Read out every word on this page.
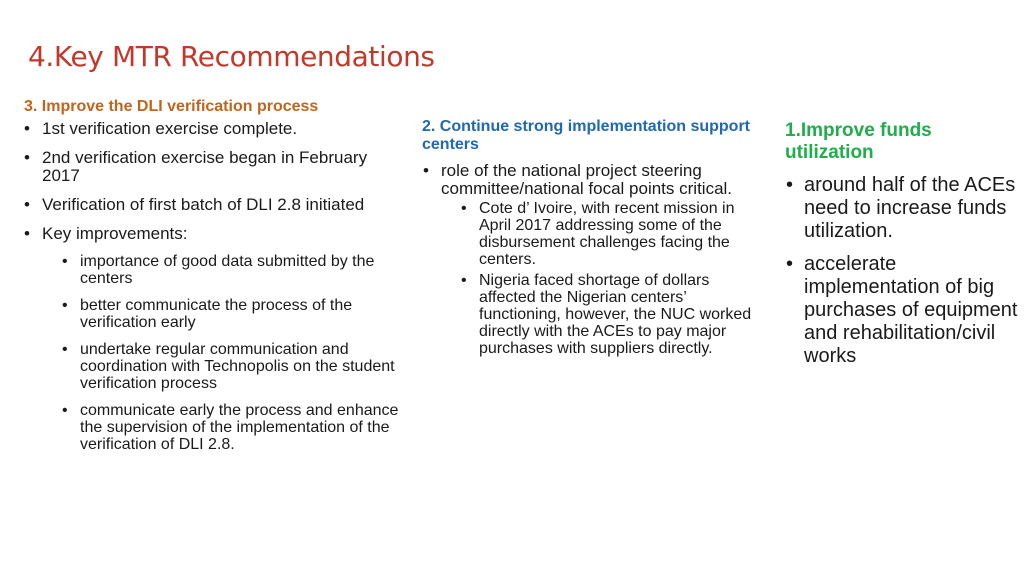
4.Key MTR Recommendations
3. Improve the DLI verification process
• 1st verification exercise complete.
• 2nd verification exercise began in February 2017
• Verification of first batch of DLI 2.8 initiated
• Key improvements:
• importance of good data submitted by the centers
• better communicate the process of the verification early
• undertake regular communication and coordination with Technopolis on the student verification process
• communicate early the process and enhance the supervision of the implementation of the verification of DLI 2.8.
2. Continue strong implementation support centers
• role of the national project steering committee/national focal points critical.
• Cote d’ Ivoire, with recent mission in April 2017 addressing some of the disbursement challenges facing the centers.
• Nigeria faced shortage of dollars affected the Nigerian centers’ functioning, however, the NUC worked directly with the ACEs to pay major purchases with suppliers directly.
1.Improve funds utilization
• around half of the ACEs need to increase funds utilization.
• accelerate implementation of big purchases of equipment and rehabilitation/civil works
